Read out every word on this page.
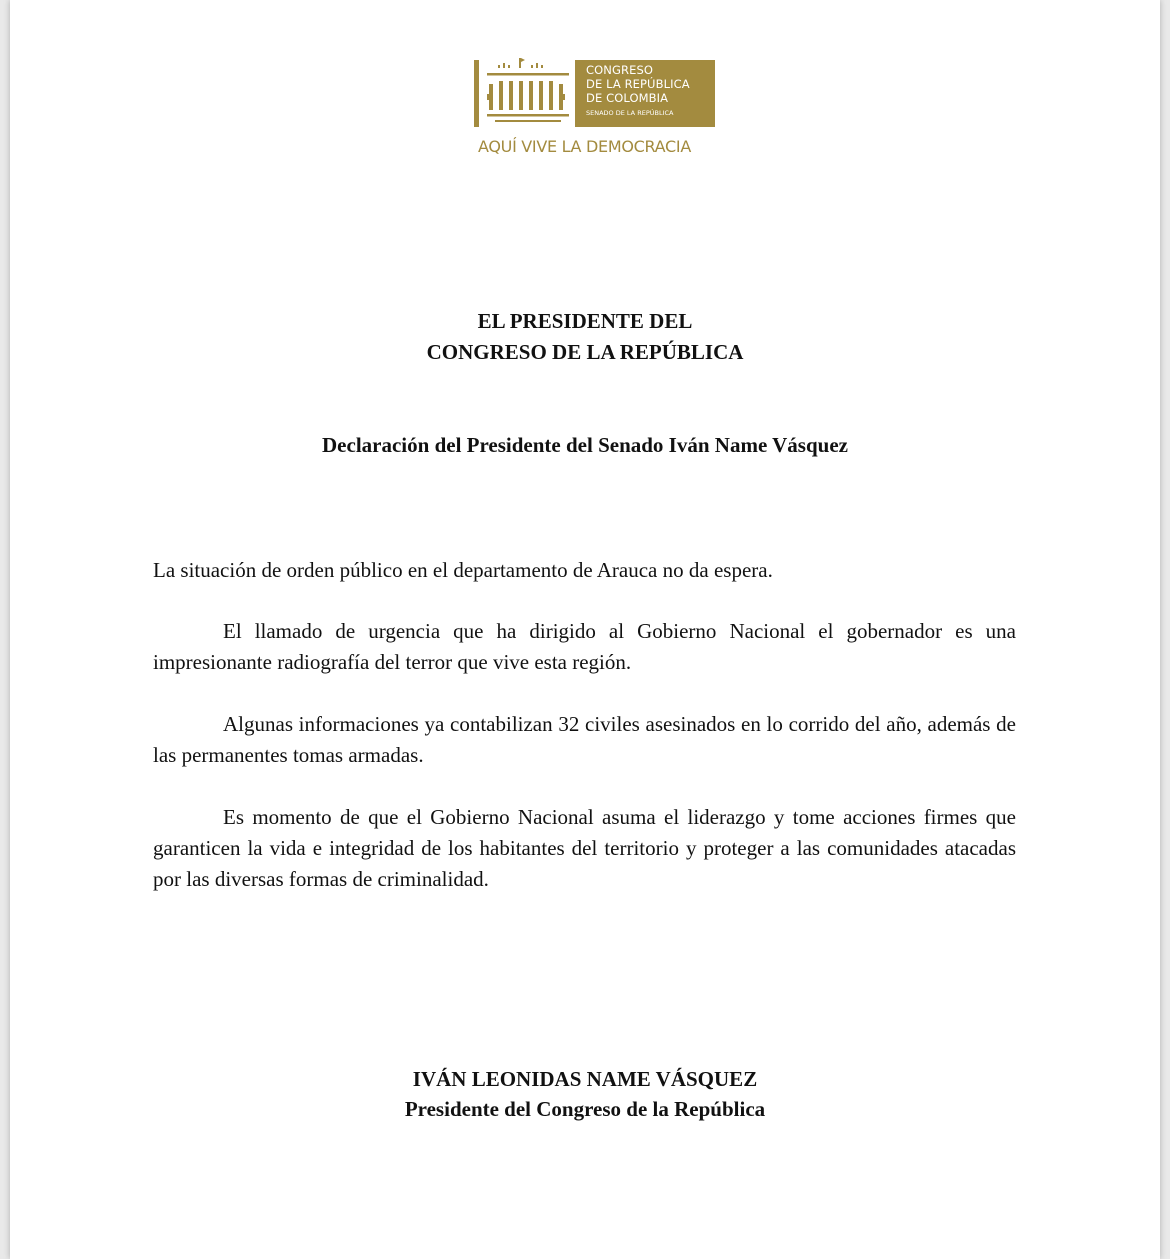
CONGRESO
DE LA REPÚBLICA
DE COLOMBIA
SENADO DE LA REPÚBLICA
AQUÍ VIVE LA DEMOCRACIA

EL PRESIDENTE DEL

CONGRESO DE LA REPÚBLICA

Declaración del Presidente del Senado Iván Name Vásquez

La situación de orden público en el departamento de Arauca no da espera.

El llamado de urgencia que ha dirigido al Gobierno Nacional el gobernador es una impresionante radiografía del terror que vive esta región.

Algunas informaciones ya contabilizan 32 civiles asesinados en lo corrido del año, además de las permanentes tomas armadas.

Es momento de que el Gobierno Nacional asuma el liderazgo y tome acciones firmes que garanticen la vida e integridad de los habitantes del territorio y proteger a las comunidades atacadas por las diversas formas de criminalidad.

IVÁN LEONIDAS NAME VÁSQUEZ

Presidente del Congreso de la República
